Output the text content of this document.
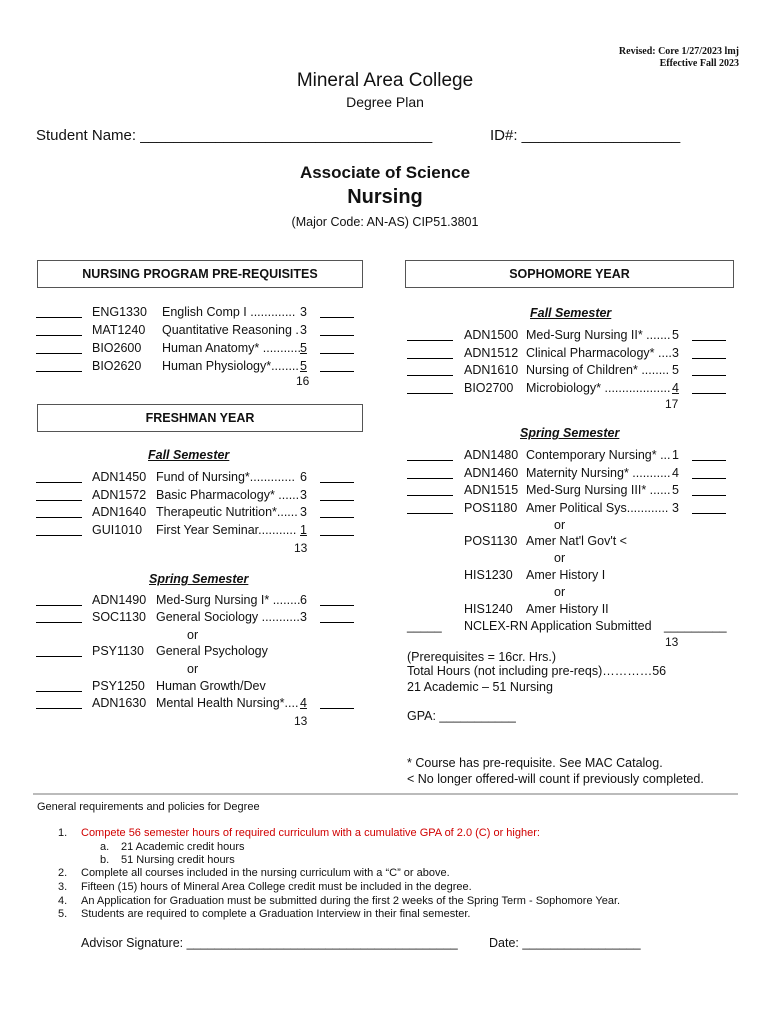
Revised: Core 1/27/2023 lmj
Effective Fall 2023
Mineral Area College
Degree Plan
Student Name: ___________________________________	ID#: ___________________
Associate of Science
Nursing
(Major Code: AN-AS) CIP51.3801
NURSING PROGRAM PRE-REQUISITES
ENG1330 English Comp I ............. 3
MAT1240 Quantitative Reasoning . 3
BIO2600 Human Anatomy* ........... 5
BIO2620 Human Physiology*........ 5
16
FRESHMAN YEAR
Fall Semester
ADN1450 Fund of Nursing*............. 6
ADN1572 Basic Pharmacology* ...... 3
ADN1640 Therapeutic Nutrition*...... 3
GUI1010 First Year Seminar........... 1
13
Spring Semester
ADN1490 Med-Surg Nursing I* ........ 6
SOC1130 General Sociology ........... 3
or
PSY1130 General Psychology
or
PSY1250 Human Growth/Dev
ADN1630 Mental Health Nursing*.... 4
13
SOPHOMORE YEAR
Fall Semester
ADN1500 Med-Surg Nursing II* ....... 5
ADN1512 Clinical Pharmacology* .... 3
ADN1610 Nursing of Children* ........ 5
BIO2700 Microbiology* ................... 4
17
Spring Semester
ADN1480 Contemporary Nursing* ... 1
ADN1460 Maternity Nursing* ........... 4
ADN1515 Med-Surg Nursing III* ...... 5
POS1180 Amer Political Sys............ 3
or
POS1130 Amer Nat'l Gov't <
or
HIS1230 Amer History I
or
HIS1240 Amer History II
_____ NCLEX-RN Application Submitted _________
13
(Prerequisites = 16cr. Hrs.)
Total Hours (not including pre-reqs)…………56
21 Academic – 51 Nursing
GPA: ___________
* Course has pre-requisite. See MAC Catalog.
< No longer offered-will count if previously completed.
General requirements and policies for Degree
1. Compete 56 semester hours of required curriculum with a cumulative GPA of 2.0 (C) or higher:
a. 21 Academic credit hours
b. 51 Nursing credit hours
2. Complete all courses included in the nursing curriculum with a “C” or above.
3. Fifteen (15) hours of Mineral Area College credit must be included in the degree.
4. An Application for Graduation must be submitted during the first 2 weeks of the Spring Term - Sophomore Year.
5. Students are required to complete a Graduation Interview in their final semester.
Advisor Signature: _______________________________________	Date: _________________
